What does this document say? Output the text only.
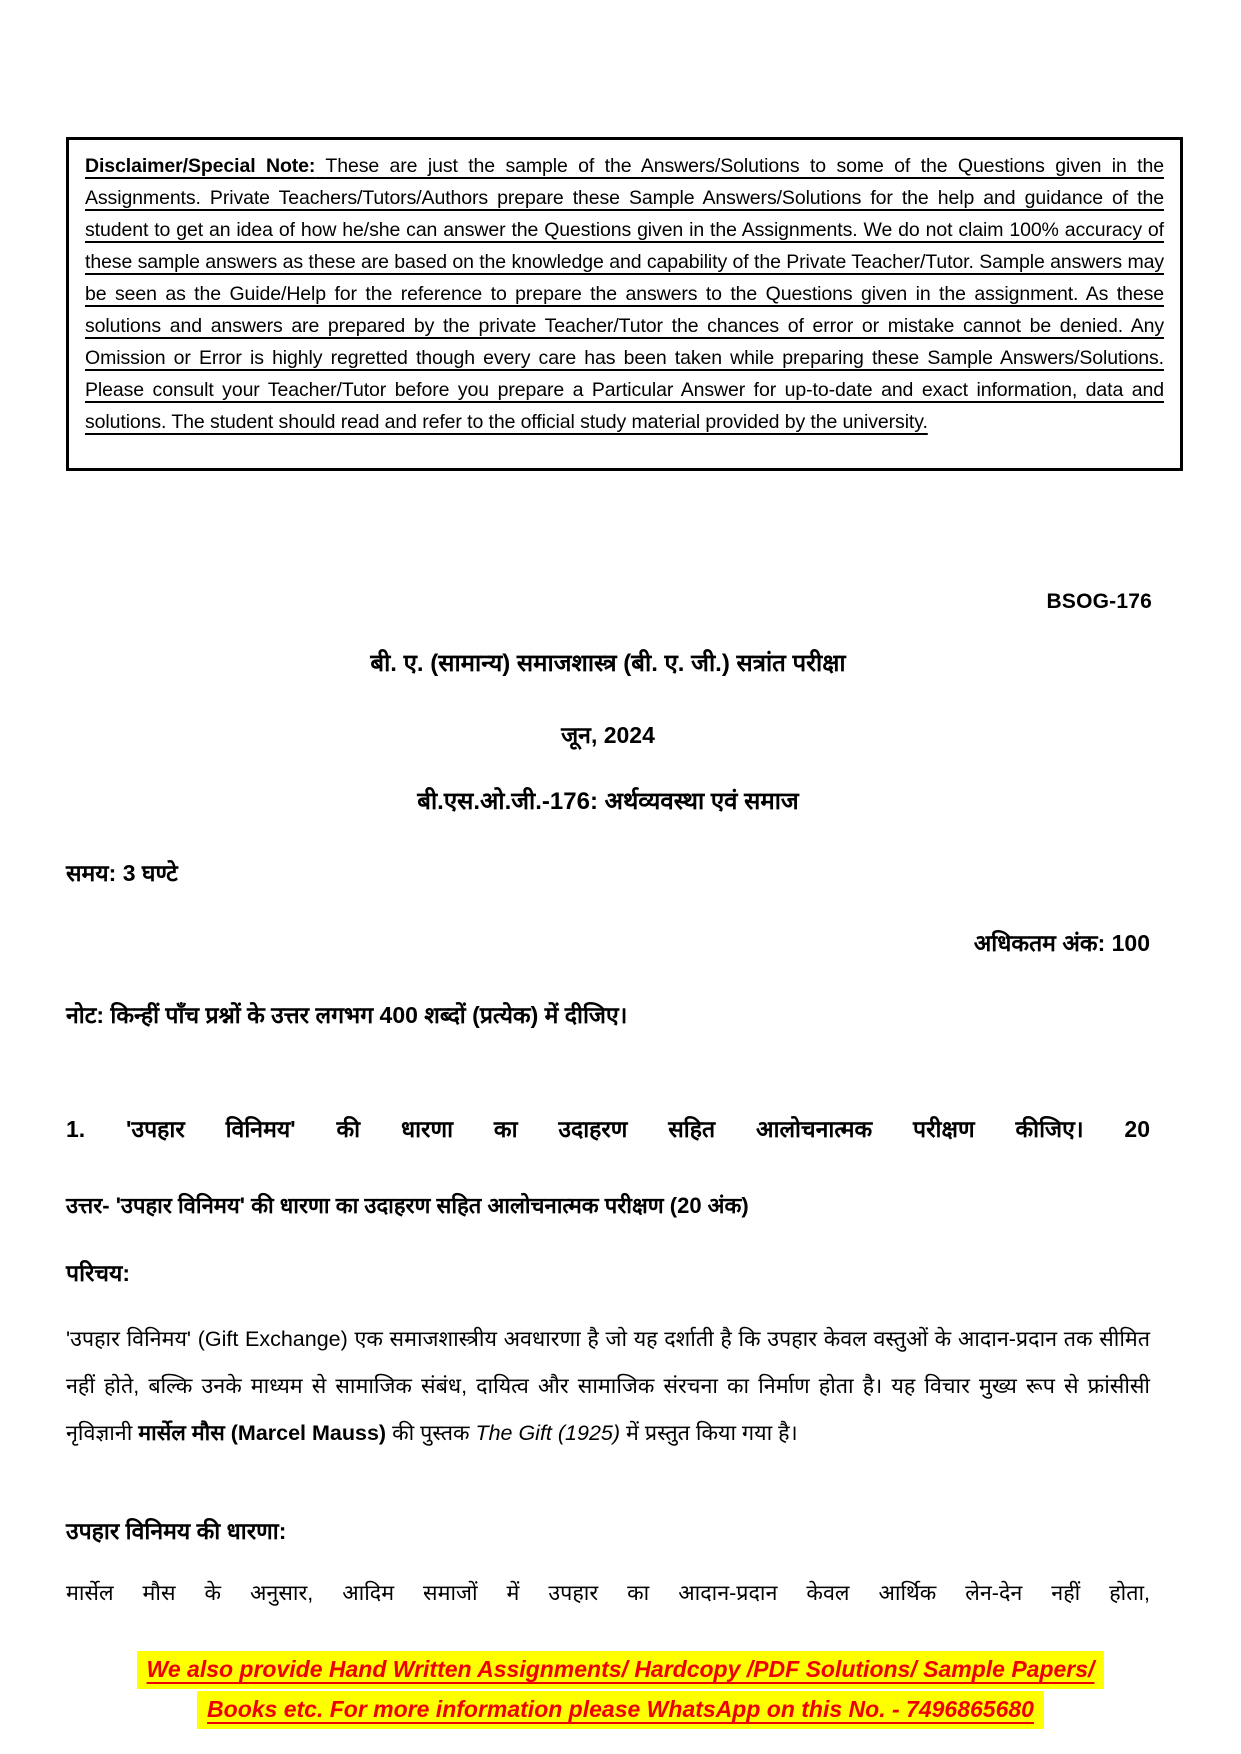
Disclaimer/Special Note: These are just the sample of the Answers/Solutions to some of the Questions given in the Assignments. Private Teachers/Tutors/Authors prepare these Sample Answers/Solutions for the help and guidance of the student to get an idea of how he/she can answer the Questions given in the Assignments. We do not claim 100% accuracy of these sample answers as these are based on the knowledge and capability of the Private Teacher/Tutor. Sample answers may be seen as the Guide/Help for the reference to prepare the answers to the Questions given in the assignment. As these solutions and answers are prepared by the private Teacher/Tutor the chances of error or mistake cannot be denied. Any Omission or Error is highly regretted though every care has been taken while preparing these Sample Answers/Solutions. Please consult your Teacher/Tutor before you prepare a Particular Answer for up-to-date and exact information, data and solutions. The student should read and refer to the official study material provided by the university.

BSOG-176
बी. ए. (सामान्य) समाजशास्त्र (बी. ए. जी.) सत्रांत परीक्षा
जून, 2024
बी.एस.ओ.जी.-176: अर्थव्यवस्था एवं समाज
समय: 3 घण्टे
अधिकतम अंक: 100
नोट: किन्हीं पाँच प्रश्नों के उत्तर लगभग 400 शब्दों (प्रत्येक) में दीजिए।
1. 'उपहार विनिमय' की धारणा का उदाहरण सहित आलोचनात्मक परीक्षण कीजिए। 20
उत्तर- 'उपहार विनिमय' की धारणा का उदाहरण सहित आलोचनात्मक परीक्षण (20 अंक)
परिचय:

'उपहार विनिमय' (Gift Exchange) एक समाजशास्त्रीय अवधारणा है जो यह दर्शाती है कि उपहार केवल वस्तुओं के आदान-प्रदान तक सीमित नहीं होते, बल्कि उनके माध्यम से सामाजिक संबंध, दायित्व और सामाजिक संरचना का निर्माण होता है। यह विचार मुख्य रूप से फ्रांसीसी नृविज्ञानी मार्सेल मौस (Marcel Mauss) की पुस्तक The Gift (1925) में प्रस्तुत किया गया है।

उपहार विनिमय की धारणा:

मार्सेल मौस के अनुसार, आदिम समाजों में उपहार का आदान-प्रदान केवल आर्थिक लेन-देन नहीं होता,

We also provide Hand Written Assignments/ Hardcopy /PDF Solutions/ Sample Papers/
Books etc. For more information please WhatsApp on this No. - 7496865680
